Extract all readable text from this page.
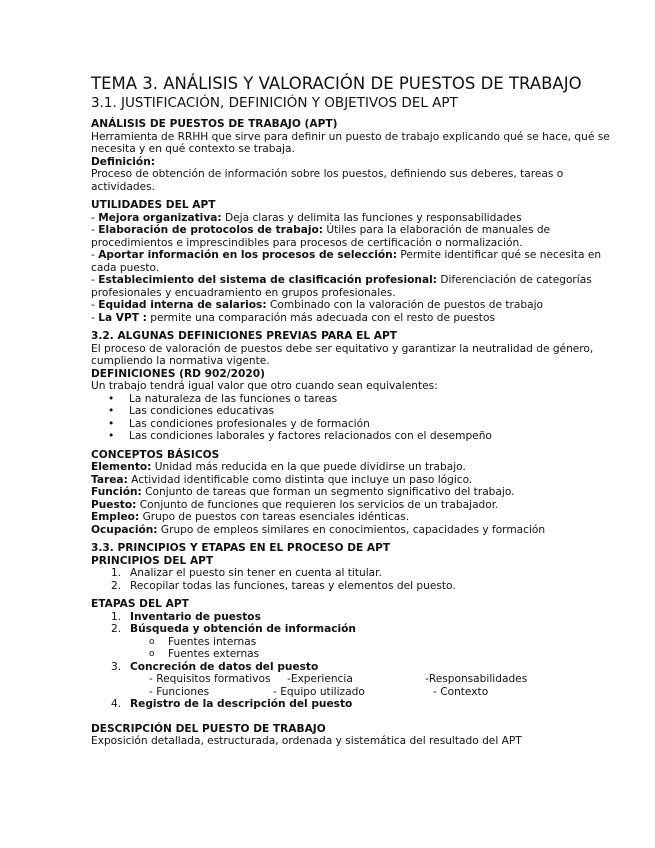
TEMA 3. ANÁLISIS Y VALORACIÓN DE PUESTOS DE TRABAJO
3.1. JUSTIFICACIÓN, DEFINICIÓN Y OBJETIVOS DEL APT

ANÁLISIS DE PUESTOS DE TRABAJO (APT)

Herramienta de RRHH que sirve para definir un puesto de trabajo explicando qué se hace, qué se necesita y en qué contexto se trabaja.

Definición:

Proceso de obtención de información sobre los puestos, definiendo sus deberes, tareas o actividades.

UTILIDADES DEL APT

- Mejora organizativa: Deja claras y delimita las funciones y responsabilidades

- Elaboración de protocolos de trabajo: Útiles para la elaboración de manuales de procedimientos e imprescindibles para procesos de certificación o normalización.

- Aportar información en los procesos de selección: Permite identificar qué se necesita en cada puesto.

- Establecimiento del sistema de clasificación profesional: Diferenciación de categorías profesionales y encuadramiento en grupos profesionales.

- Equidad interna de salarios: Combinado con la valoración de puestos de trabajo

- La VPT : permite una comparación más adecuada con el resto de puestos

3.2. ALGUNAS DEFINICIONES PREVIAS PARA EL APT

El proceso de valoración de puestos debe ser equitativo y garantizar la neutralidad de género, cumpliendo la normativa vigente.

DEFINICIONES (RD 902/2020)

Un trabajo tendrá igual valor que otro cuando sean equivalentes:

• La naturaleza de las funciones o tareas
• Las condiciones educativas
• Las condiciones profesionales y de formación
• Las condiciones laborales y factores relacionados con el desempeño

CONCEPTOS BÁSICOS

Elemento: Unidad más reducida en la que puede dividirse un trabajo.

Tarea: Actividad identificable como distinta que incluye un paso lógico.

Función: Conjunto de tareas que forman un segmento significativo del trabajo.

Puesto: Conjunto de funciones que requieren los servicios de un trabajador.

Empleo: Grupo de puestos con tareas esenciales idénticas.

Ocupación: Grupo de empleos similares en conocimientos, capacidades y formación

3.3. PRINCIPIOS Y ETAPAS EN EL PROCESO DE APT

PRINCIPIOS DEL APT

1. Analizar el puesto sin tener en cuenta al titular.
2. Recopilar todas las funciones, tareas y elementos del puesto.

ETAPAS DEL APT

1. Inventario de puestos
2. Búsqueda y obtención de información
o Fuentes internas
o Fuentes externas
3. Concreción de datos del puesto
- Requisitos formativos	-Experiencia	-Responsabilidades
- Funciones	- Equipo utilizado	- Contexto
4. Registro de la descripción del puesto

DESCRIPCIÓN DEL PUESTO DE TRABAJO

Exposición detallada, estructurada, ordenada y sistemática del resultado del APT
